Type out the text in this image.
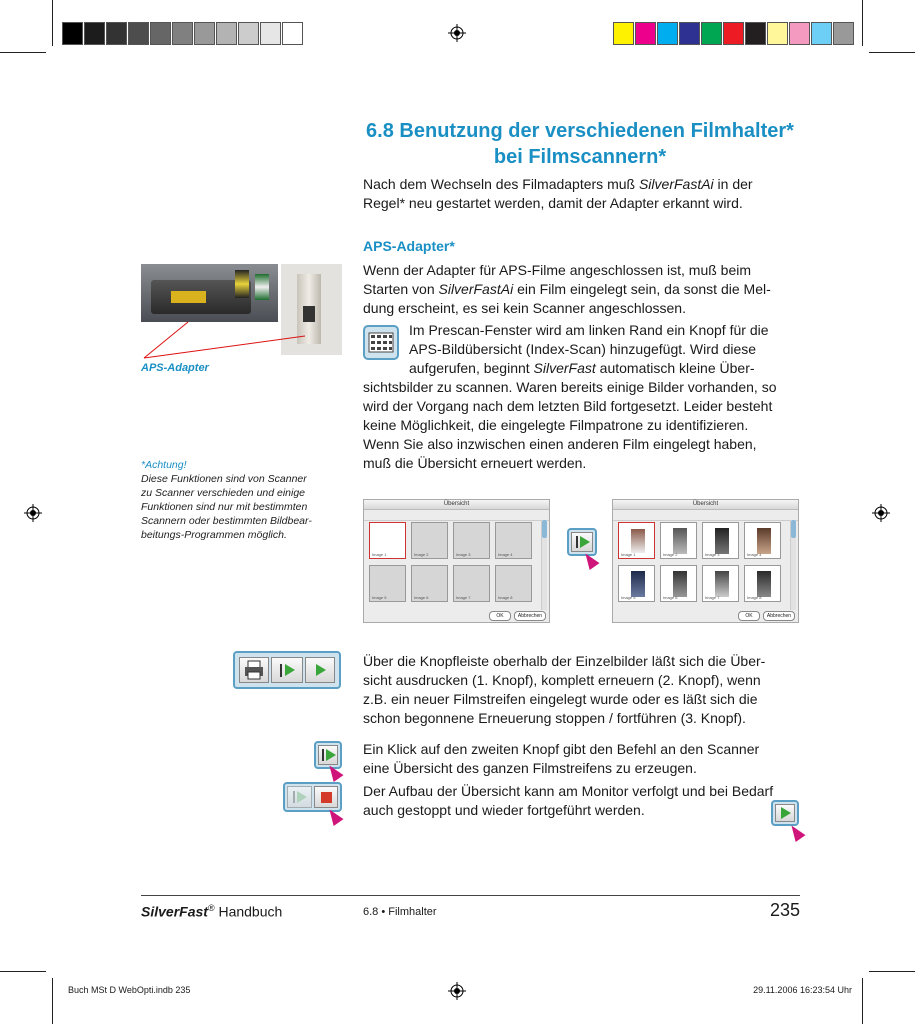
6.8 Benutzung der verschiedenen Filmhalter*
bei Filmscannern*
Nach dem Wechseln des Filmadapters muß SilverFastAi in der
Regel* neu gestartet werden, damit der Adapter erkannt wird.
APS-Adapter*
APS-Adapter
Wenn der Adapter für APS-Filme angeschlossen ist, muß beim
Starten von SilverFastAi ein Film eingelegt sein, da sonst die Mel-
dung erscheint, es sei kein Scanner angeschlossen.
Im Prescan-Fenster wird am linken Rand ein Knopf für die
APS-Bildübersicht (Index-Scan) hinzugefügt. Wird diese
aufgerufen, beginnt SilverFast automatisch kleine Über-
sichtsbilder zu scannen. Waren bereits einige Bilder vorhanden, so
wird der Vorgang nach dem letzten Bild fortgesetzt. Leider besteht
keine Möglichkeit, die eingelegte Filmpatrone zu identifizieren.
Wenn Sie also inzwischen einen anderen Film eingelegt haben,
muß die Übersicht erneuert werden.
*Achtung!
Diese Funktionen sind von Scanner
zu Scanner verschieden und einige
Funktionen sind nur mit bestimmten
Scannern oder bestimmten Bildbear-
beitungs-Programmen möglich.
Übersicht
Image 1	Image 2	Image 3	Image 4
Image 5	Image 6	Image 7	Image 8
OK	Abbrechen
Übersicht
Image 1	Image 2	Image 3	Image 4
Image 5	Image 6	Image 7	Image 8
OK	Abbrechen
Über die Knopfleiste oberhalb der Einzelbilder läßt sich die Über-
sicht ausdrucken (1. Knopf), komplett erneuern (2. Knopf), wenn
z.B. ein neuer Filmstreifen eingelegt wurde oder es läßt sich die
schon begonnene Erneuerung stoppen / fortführen (3. Knopf).
Ein Klick auf den zweiten Knopf gibt den Befehl an den Scanner
eine Übersicht des ganzen Filmstreifens zu erzeugen.
Der Aufbau der Übersicht kann am Monitor verfolgt und bei Bedarf
auch gestoppt und wieder fortgeführt werden.
SilverFast® Handbuch	6.8 • Filmhalter	235
Buch MSt D WebOpti.indb 235	29.11.2006 16:23:54 Uhr
